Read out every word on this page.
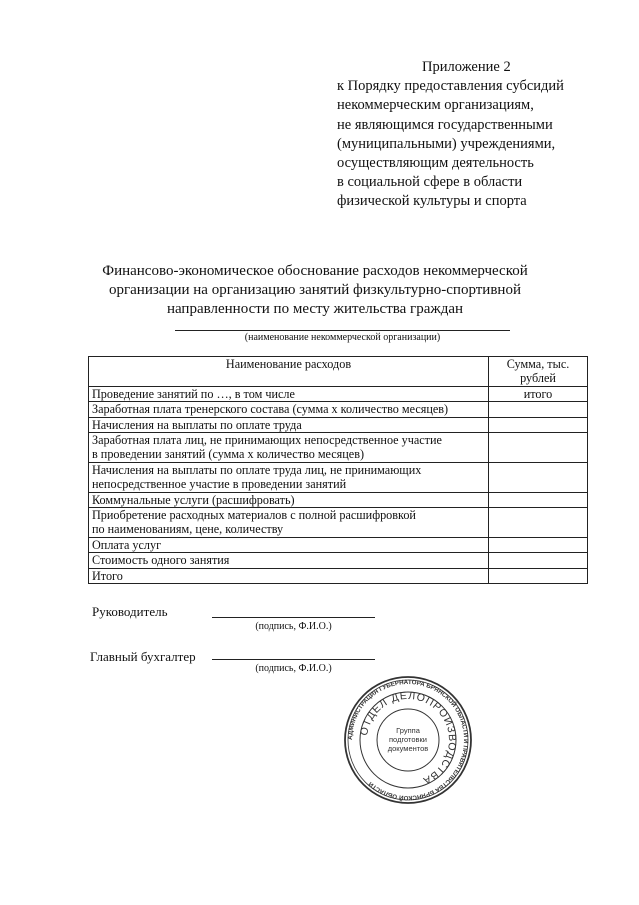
Приложение 2
к Порядку предоставления субсидий
некоммерческим организациям,
не являющимся государственными
(муниципальными) учреждениями,
осуществляющим деятельность
в социальной сфере в области
физической культуры и спорта
Финансово-экономическое обоснование расходов некоммерческой
организации на организацию занятий физкультурно-спортивной
направленности по месту жительства граждан
(наименование некоммерческой организации)
Наименование расходов	Сумма, тыс.
рублей

Проведение занятий по …, в том числе	итого

Заработная плата тренерского состава (сумма х количество месяцев)	

Начисления на выплаты по оплате труда	

Заработная плата лиц, не принимающих непосредственное участие
в проведении занятий (сумма х количество месяцев)	

Начисления на выплаты по оплате труда лиц, не принимающих
непосредственное участие в проведении занятий	

Коммунальные услуги (расшифровать)	

Приобретение расходных материалов с полной расшифровкой
по наименованиям, цене, количеству	

Оплата услуг	

Стоимость одного занятия	

Итого	

Руководитель
(подпись, Ф.И.О.)
Главный бухгалтер
(подпись, Ф.И.О.)
АДМИНИСТРАЦИЯ ГУБЕРНАТОРА БРЯНСКОЙ ОБЛАСТИ И ПРАВИТЕЛЬСТВА БРЯНСКОЙ ОБЛАСТИ
ОТДЕЛ ДЕЛОПРОИЗВОДСТВА
Группа
подготовки
документов
